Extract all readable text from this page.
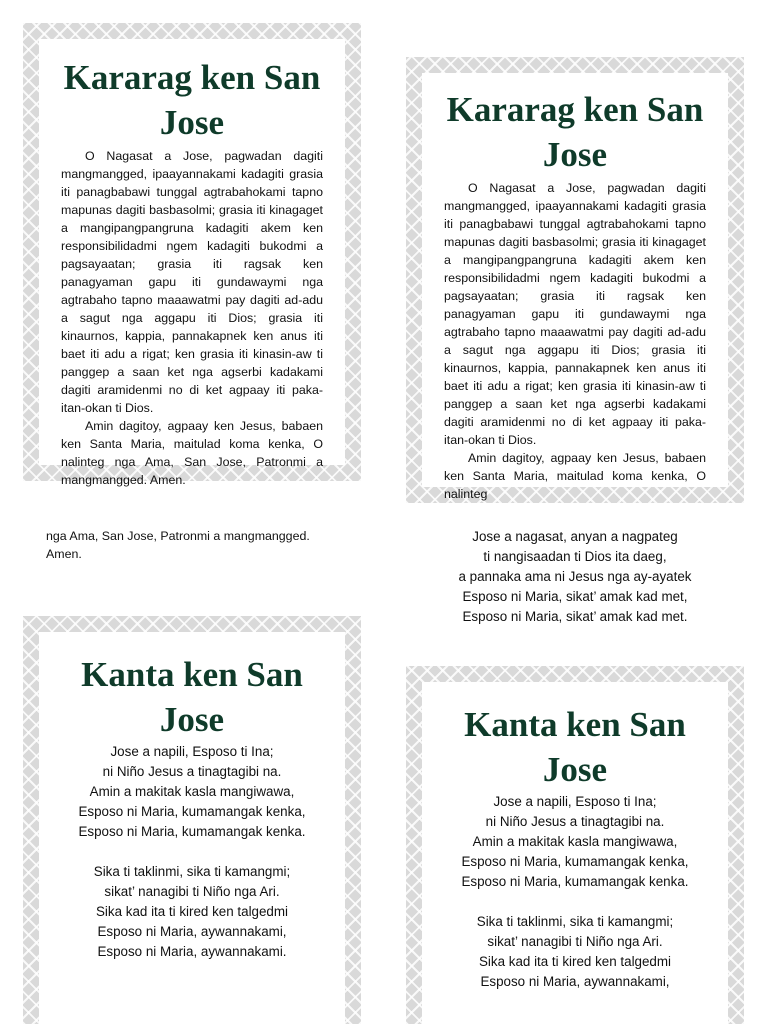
Kararag ken San Jose

O Nagasat a Jose, pagwadan dagiti mangmangged, ipaayannakami kadagiti grasia iti panagbabawi tunggal agtrabahokami tapno mapunas dagiti basbasolmi; grasia iti kinagaget a mangipangpangruna kadagiti akem ken responsibilidadmi ngem kadagiti bukodmi a pagsayaatan; grasia iti ragsak ken panagyaman gapu iti gundawaymi nga agtrabaho tapno maaawatmi pay dagiti ad-adu a sagut nga aggapu iti Dios; grasia iti kinaurnos, kappia, pannakapnek ken anus iti baet iti adu a rigat; ken grasia iti kinasin-aw ti panggep a saan ket nga agserbi kadakami dagiti aramidenmi no di ket agpaay iti paka-itan-okan ti Dios.

Amin dagitoy, agpaay ken Jesus, babaen ken Santa Maria, maitulad koma kenka, O nalinteg nga Ama, San Jose, Patronmi a mangmangged. Amen.

Kararag ken San Jose

O Nagasat a Jose, pagwadan dagiti mangmangged, ipaayannakami kadagiti grasia iti panagbabawi tunggal agtrabahokami tapno mapunas dagiti basbasolmi; grasia iti kinagaget a mangipangpangruna kadagiti akem ken responsibilidadmi ngem kadagiti bukodmi a pagsayaatan; grasia iti ragsak ken panagyaman gapu iti gundawaymi nga agtrabaho tapno maaawatmi pay dagiti ad-adu a sagut nga aggapu iti Dios; grasia iti kinaurnos, kappia, pannakapnek ken anus iti baet iti adu a rigat; ken grasia iti kinasin-aw ti panggep a saan ket nga agserbi kadakami dagiti aramidenmi no di ket agpaay iti paka-itan-okan ti Dios.

Amin dagitoy, agpaay ken Jesus, babaen ken Santa Maria, maitulad koma kenka, O nalinteg

nga Ama, San Jose, Patronmi a mangmangged. Amen.

Jose a nagasat, anyan a nagpateg
ti nangisaadan ti Dios ita daeg,
a pannaka ama ni Jesus nga ay-ayatek
Esposo ni Maria, sikat’ amak kad met,
Esposo ni Maria, sikat’ amak kad met.
Kanta ken San Jose
Jose a napili, Esposo ti Ina;
ni Niño Jesus a tinagtagibi na.
Amin a makitak kasla mangiwawa,
Esposo ni Maria, kumamangak kenka,
Esposo ni Maria, kumamangak kenka.
Sika ti taklinmi, sika ti kamangmi;
sikat’ nanagibi ti Niño nga Ari.
Sika kad ita ti kired ken talgedmi
Esposo ni Maria, aywannakami,
Esposo ni Maria, aywannakami.
Kanta ken San Jose
Jose a napili, Esposo ti Ina;
ni Niño Jesus a tinagtagibi na.
Amin a makitak kasla mangiwawa,
Esposo ni Maria, kumamangak kenka,
Esposo ni Maria, kumamangak kenka.
Sika ti taklinmi, sika ti kamangmi;
sikat’ nanagibi ti Niño nga Ari.
Sika kad ita ti kired ken talgedmi
Esposo ni Maria, aywannakami,
